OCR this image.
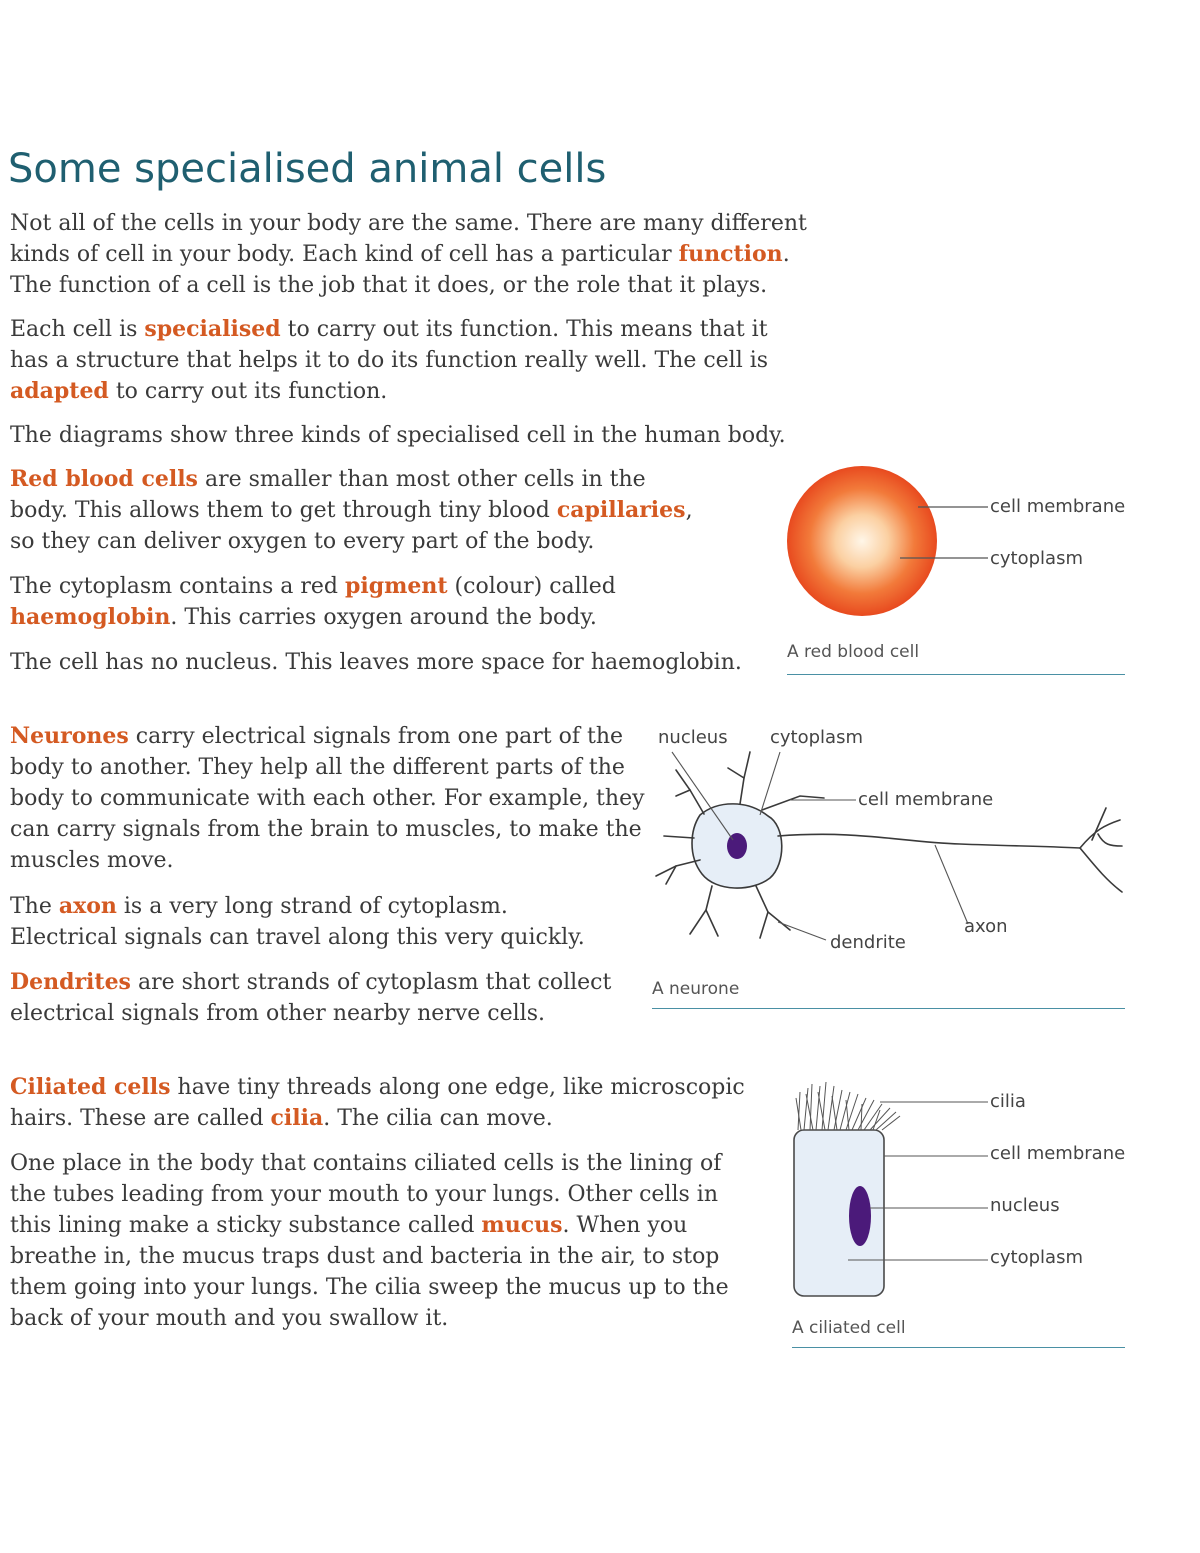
Some specialised animal cells

Not all of the cells in your body are the same. There are many different kinds of cell in your body. Each kind of cell has a particular function. The function of a cell is the job that it does, or the role that it plays.

Each cell is specialised to carry out its function. This means that it has a structure that helps it to do its function really well. The cell is adapted to carry out its function.

The diagrams show three kinds of specialised cell in the human body.

Red blood cells are smaller than most other cells in the body. This allows them to get through tiny blood capillaries, so they can deliver oxygen to every part of the body.

The cytoplasm contains a red pigment (colour) called haemoglobin. This carries oxygen around the body.

The cell has no nucleus. This leaves more space for haemoglobin.

Neurones carry electrical signals from one part of the body to another. They help all the different parts of the body to communicate with each other. For example, they can carry signals from the brain to muscles, to make the muscles move.

The axon is a very long strand of cytoplasm. Electrical signals can travel along this very quickly.

Dendrites are short strands of cytoplasm that collect electrical signals from other nearby nerve cells.

Ciliated cells have tiny threads along one edge, like microscopic hairs. These are called cilia. The cilia can move.

One place in the body that contains ciliated cells is the lining of the tubes leading from your mouth to your lungs. Other cells in this lining make a sticky substance called mucus. When you breathe in, the mucus traps dust and bacteria in the air, to stop them going into your lungs. The cilia sweep the mucus up to the back of your mouth and you swallow it.

cell membrane
cytoplasm
A red blood cell
nucleus cytoplasm
cell membrane
dendrite
axon
A neurone
cilia
cell membrane
nucleus
cytoplasm
A ciliated cell
